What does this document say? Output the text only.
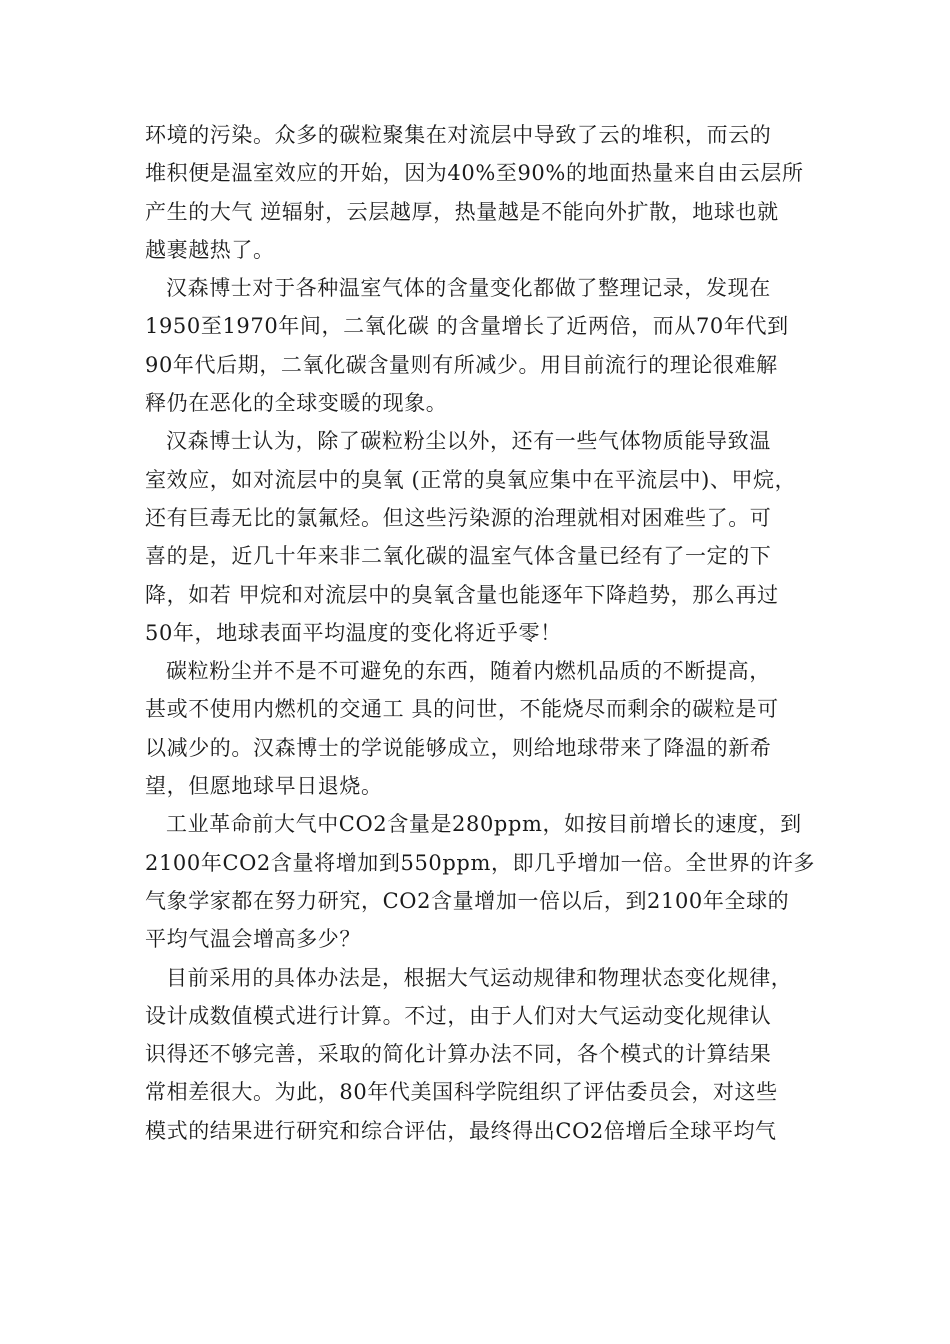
环境的污染。众多的碳粒聚集在对流层中导致了云的堆积，而云的
堆积便是温室效应的开始，因为40%至90%的地面热量来自由云层所
产生的大气 逆辐射，云层越厚，热量越是不能向外扩散，地球也就
越裹越热了。
汉森博士对于各种温室气体的含量变化都做了整理记录，发现在
1950至1970年间，二氧化碳 的含量增长了近两倍，而从70年代到
90年代后期，二氧化碳含量则有所减少。用目前流行的理论很难解
释仍在恶化的全球变暖的现象。
汉森博士认为，除了碳粒粉尘以外，还有一些气体物质能导致温
室效应，如对流层中的臭氧 (正常的臭氧应集中在平流层中)、甲烷，
还有巨毒无比的氯氟烃。但这些污染源的治理就相对困难些了。可
喜的是，近几十年来非二氧化碳的温室气体含量已经有了一定的下
降，如若 甲烷和对流层中的臭氧含量也能逐年下降趋势，那么再过
50年，地球表面平均温度的变化将近乎零！
碳粒粉尘并不是不可避免的东西，随着内燃机品质的不断提高，
甚或不使用内燃机的交通工 具的问世，不能烧尽而剩余的碳粒是可
以减少的。汉森博士的学说能够成立，则给地球带来了降温的新希
望，但愿地球早日退烧。
工业革命前大气中CO2含量是280ppm，如按目前增长的速度，到
2100年CO2含量将增加到550ppm，即几乎增加一倍。全世界的许多
气象学家都在努力研究，CO2含量增加一倍以后，到2100年全球的
平均气温会增高多少？
目前采用的具体办法是，根据大气运动规律和物理状态变化规律，
设计成数值模式进行计算。不过，由于人们对大气运动变化规律认
识得还不够完善，采取的简化计算办法不同，各个模式的计算结果
常相差很大。为此，80年代美国科学院组织了评估委员会，对这些
模式的结果进行研究和综合评估，最终得出CO2倍增后全球平均气
